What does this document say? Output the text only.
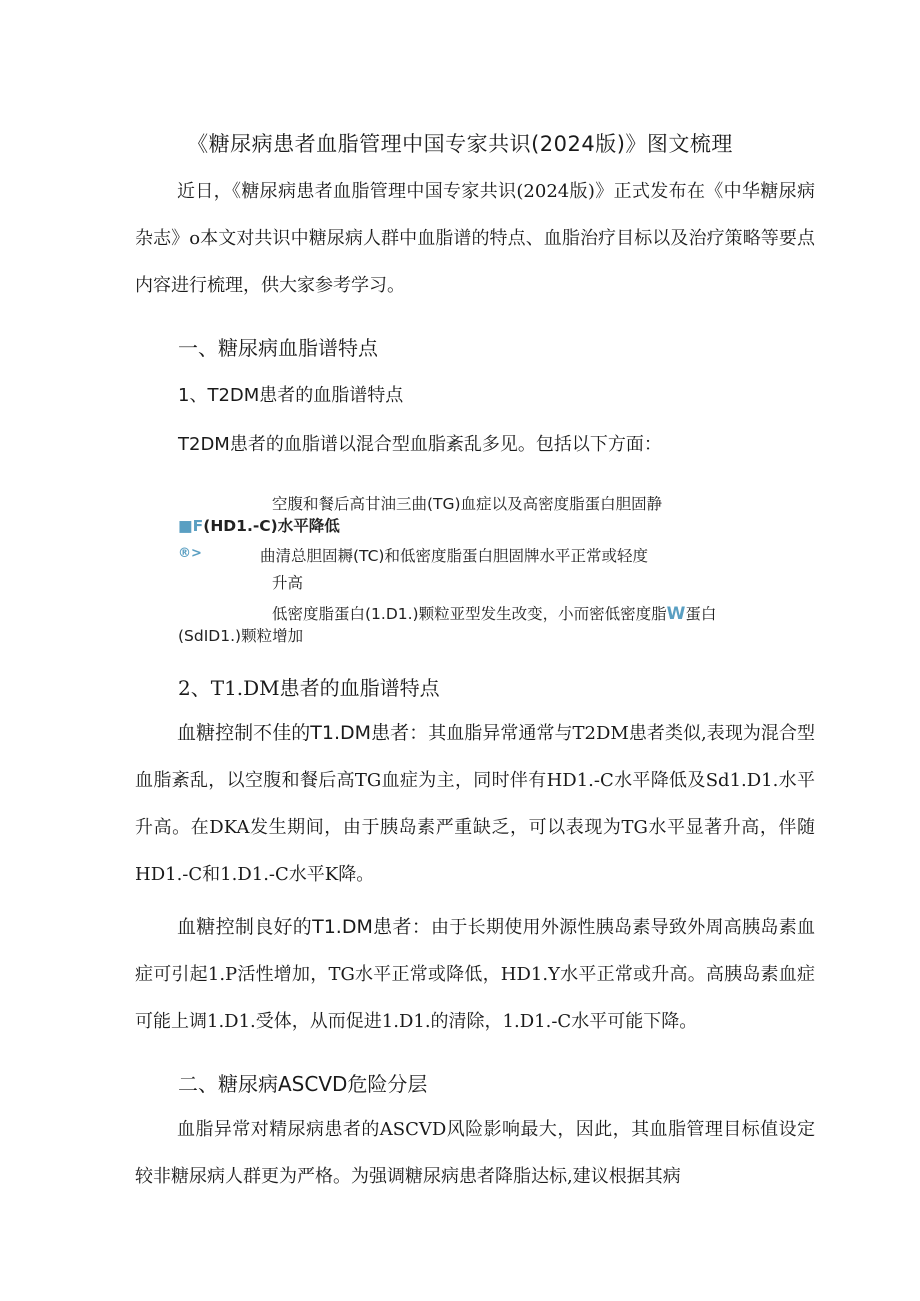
《糖尿病患者血脂管理中国专家共识(2024版)》图文梳理

近日，《糖尿病患者血脂管理中国专家共识(2024版)》正式发布在《中华糖尿病杂志》o本文对共识中糖尿病人群中血脂谱的特点、血脂治疗目标以及治疗策略等要点内容进行梳理，供大家参考学习。

一、糖尿病血脂谱特点
1、T2DM患者的血脂谱特点
T2DM患者的血脂谱以混合型血脂紊乱多见。包括以下方面：
空腹和餐后高甘油三曲(TG)血症以及高密度脂蛋白胆固静
■F(HD1.-C)水平降低
®>	曲清总胆固耨(TC)和低密度脂蛋白胆固牌水平正常或轻度
升高
低密度脂蛋白(1.D1.)颗粒亚型发生改变，小而密低密度脂W蛋白
(SdID1.)颗粒增加
2、T1.DM患者的血脂谱特点

血糖控制不佳的T1.DM患者：其血脂异常通常与T2DM患者类似,表现为混合型血脂紊乱，以空腹和餐后高TG血症为主，同时伴有HD1.-C水平降低及Sd1.D1.水平升高。在DKA发生期间，由于胰岛素严重缺乏，可以表现为TG水平显著升高，伴随HD1.-C和1.D1.-C水平K降。

血糖控制良好的T1.DM患者：由于长期使用外源性胰岛素导致外周高胰岛素血症可引起1.P活性增加，TG水平正常或降低，HD1.Y水平正常或升高。高胰岛素血症可能上调1.D1.受体，从而促进1.D1.的清除，1.D1.-C水平可能下降。

二、糖尿病ASCVD危险分层

血脂异常对精尿病患者的ASCVD风险影响最大，因此，其血脂管理目标值设定较非糖尿病人群更为严格。为强调糖尿病患者降脂达标,建议根据其病
